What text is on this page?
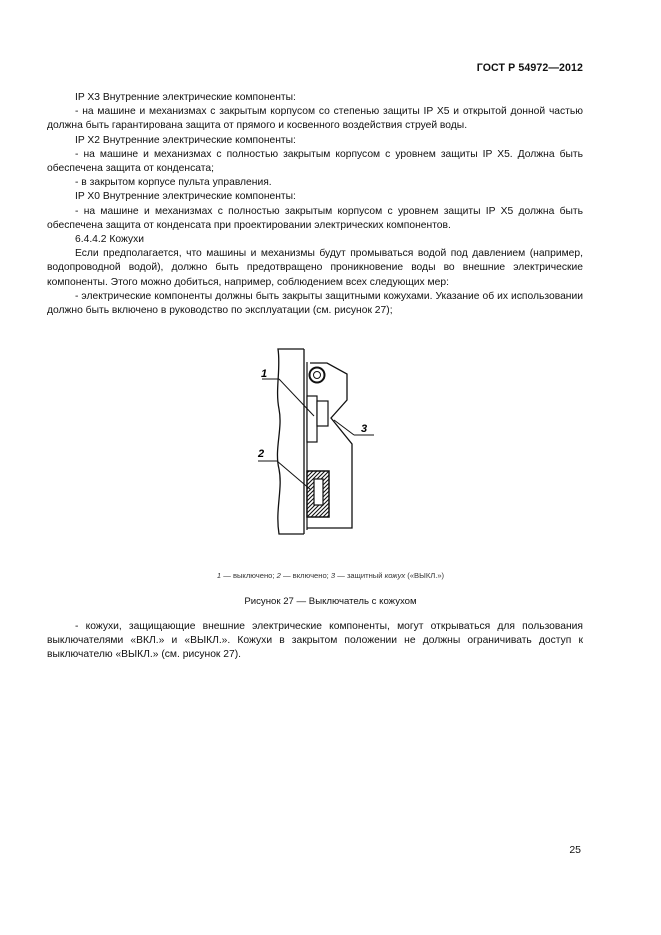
ГОСТ Р 54972—2012

IP X3 Внутренние электрические компоненты:

- на машине и механизмах с закрытым корпусом со степенью защиты IP X5 и открытой донной частью должна быть гарантирована защита от прямого и косвенного воздействия струей воды.

IP X2 Внутренние электрические компоненты:

- на машине и механизмах с полностью закрытым корпусом с уровнем защиты IP X5. Должна быть обеспечена защита от конденсата;

- в закрытом корпусе пульта управления.

IP X0 Внутренние электрические компоненты:

- на машине и механизмах с полностью закрытым корпусом с уровнем защиты IP X5 должна быть обеспечена защита от конденсата при проектировании электрических компонентов.

6.4.4.2 Кожухи

Если предполагается, что машины и механизмы будут промываться водой под давлением (например, водопроводной водой), должно быть предотвращено проникновение воды во внешние электрические компоненты. Этого можно добиться, например, соблюдением всех следующих мер:

- электрические компоненты должны быть закрыты защитными кожухами. Указание об их использовании должно быть включено в руководство по эксплуатации (см. рисунок 27);

1
2
3
1 — выключено; 2 — включено; 3 — защитный кожух («ВЫКЛ.»)
Рисунок 27 — Выключатель с кожухом

- кожухи, защищающие внешние электрические компоненты, могут открываться для пользования выключателями «ВКЛ.» и «ВЫКЛ.». Кожухи в закрытом положении не должны ограничивать доступ к выключателю «ВЫКЛ.» (см. рисунок 27).

25
